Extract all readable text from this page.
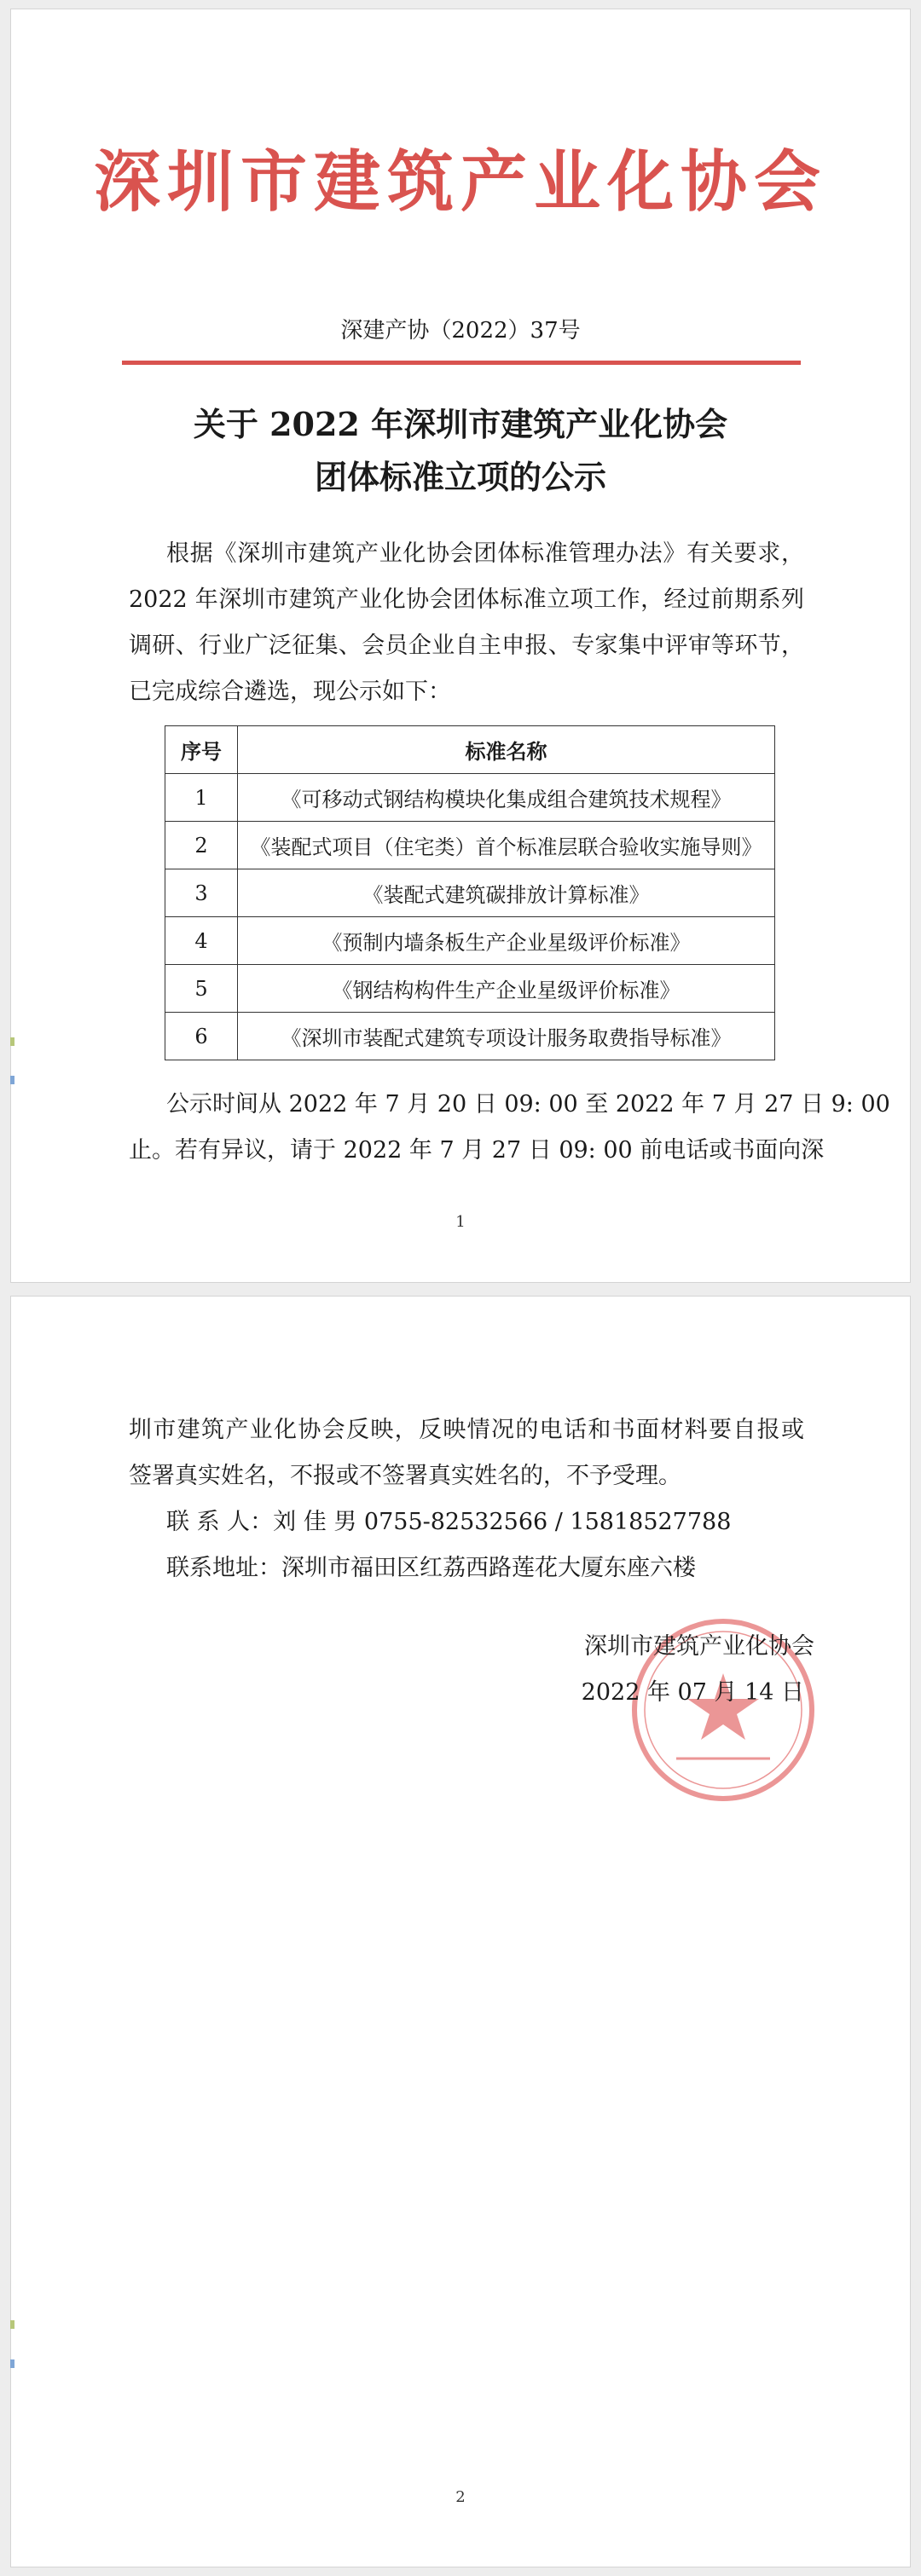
深圳市建筑产业化协会
深建产协（2022）37号
关于 2022 年深圳市建筑产业化协会
团体标准立项的公示
根据《深圳市建筑产业化协会团体标准管理办法》有关要求，
2022 年深圳市建筑产业化协会团体标准立项工作，经过前期系列
调研、行业广泛征集、会员企业自主申报、专家集中评审等环节，
已完成综合遴选，现公示如下：
序号	标准名称
1	《可移动式钢结构模块化集成组合建筑技术规程》
2	《装配式项目（住宅类）首个标准层联合验收实施导则》
3	《装配式建筑碳排放计算标准》
4	《预制内墙条板生产企业星级评价标准》
5	《钢结构构件生产企业星级评价标准》
6	《深圳市装配式建筑专项设计服务取费指导标准》
公示时间从 2022 年 7 月 20 日 09: 00 至 2022 年 7 月 27 日 9: 00
止。若有异议，请于 2022 年 7 月 27 日 09: 00 前电话或书面向深
1
圳市建筑产业化协会反映，反映情况的电话和书面材料要自报或
签署真实姓名，不报或不签署真实姓名的，不予受理。
联 系 人：刘 佳 男 0755-82532566 / 15818527788
联系地址：深圳市福田区红荔西路莲花大厦东座六楼
深圳市建筑产业化协会
2022 年 07 月 14 日
2
